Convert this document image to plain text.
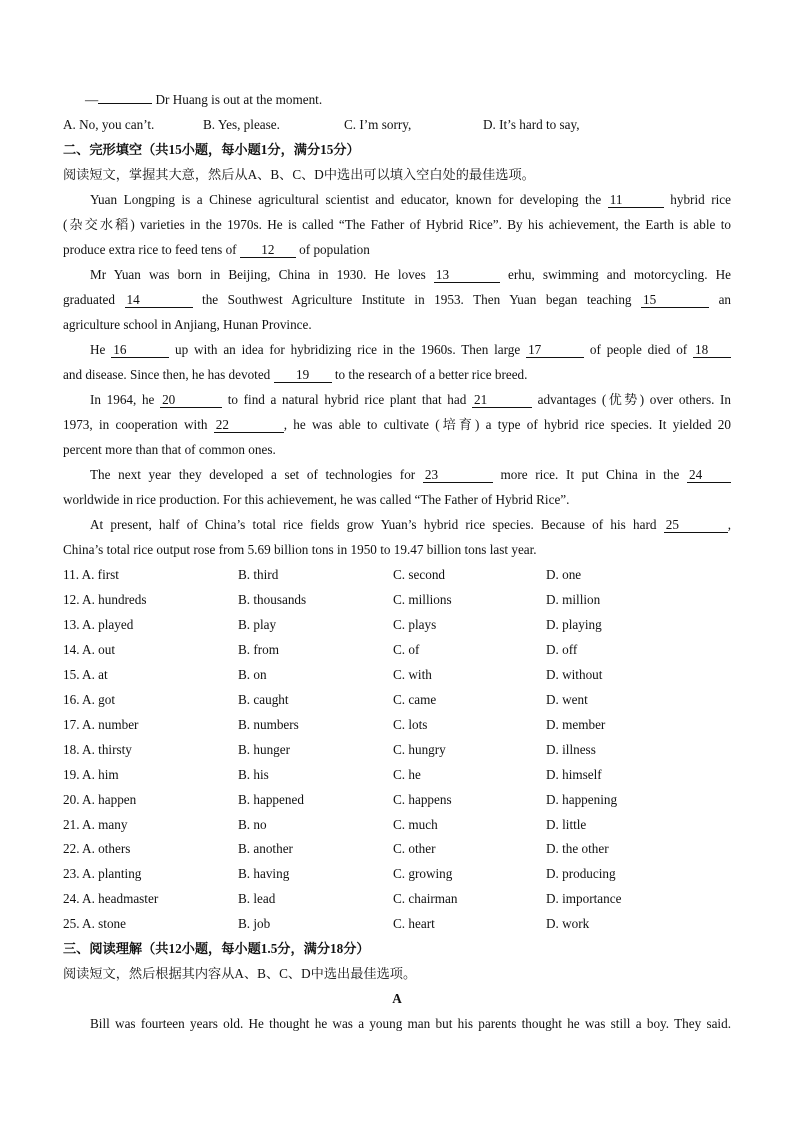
—	Dr Huang is out at the moment.
A. No, you can’t.	B. Yes, please.	C. I’m sorry,	D. It’s hard to say,
二、完形填空（共15小题，每小题1分，满分15分）
阅读短文，掌握其大意，然后从A、B、C、D中选出可以填入空白处的最佳选项。
Yuan Longping is a Chinese agricultural scientist and educator, known for developing the 11	hybrid rice
(杂交水稻) varieties in the 1970s. He is called “The Father of Hybrid Rice”. By his achievement, the Earth is able to
produce extra rice to feed tens of 12 of population
Mr Yuan was born in Beijing, China in 1930. He loves 13	erhu, swimming and motorcycling. He
graduated 14	the Southwest Agriculture Institute in 1953. Then Yuan began teaching 15	an
agriculture school in Anjiang, Hunan Province.
He 16	up with an idea for hybridizing rice in the 1960s. Then large 17	of people died of 18
and disease. Since then, he has devoted 19 to the research of a better rice breed.
In 1964, he 20	to find a natural hybrid rice plant that had 21	advantages (优势) over others. In
1973, in cooperation with 22	, he was able to cultivate (培育) a type of hybrid rice species. It yielded 20
percent more than that of common ones.
The next year they developed a set of technologies for 23	more rice. It put China in the 24
worldwide in rice production. For this achievement, he was called “The Father of Hybrid Rice”.
At present, half of China’s total rice fields grow Yuan’s hybrid rice species. Because of his hard 25	,
China’s total rice output rose from 5.69 billion tons in 1950 to 19.47 billion tons last year.
11. A. first	B. third	C. second	D. one
12. A. hundreds	B. thousands	C. millions	D. million
13. A. played	B. play	C. plays	D. playing
14. A. out	B. from	C. of	D. off
15. A. at	B. on	C. with	D. without
16. A. got	B. caught	C. came	D. went
17. A. number	B. numbers	C. lots	D. member
18. A. thirsty	B. hunger	C. hungry	D. illness
19. A. him	B. his	C. he	D. himself
20. A. happen	B. happened	C. happens	D. happening
21. A. many	B. no	C. much	D. little
22. A. others	B. another	C. other	D. the other
23. A. planting	B. having	C. growing	D. producing
24. A. headmaster	B. lead	C. chairman	D. importance
25. A. stone	B. job	C. heart	D. work
三、阅读理解（共12小题，每小题1.5分，满分18分）
阅读短文，然后根据其内容从A、B、C、D中选出最佳选项。
A
Bill was fourteen years old. He thought he was a young man but his parents thought he was still a boy. They said.
